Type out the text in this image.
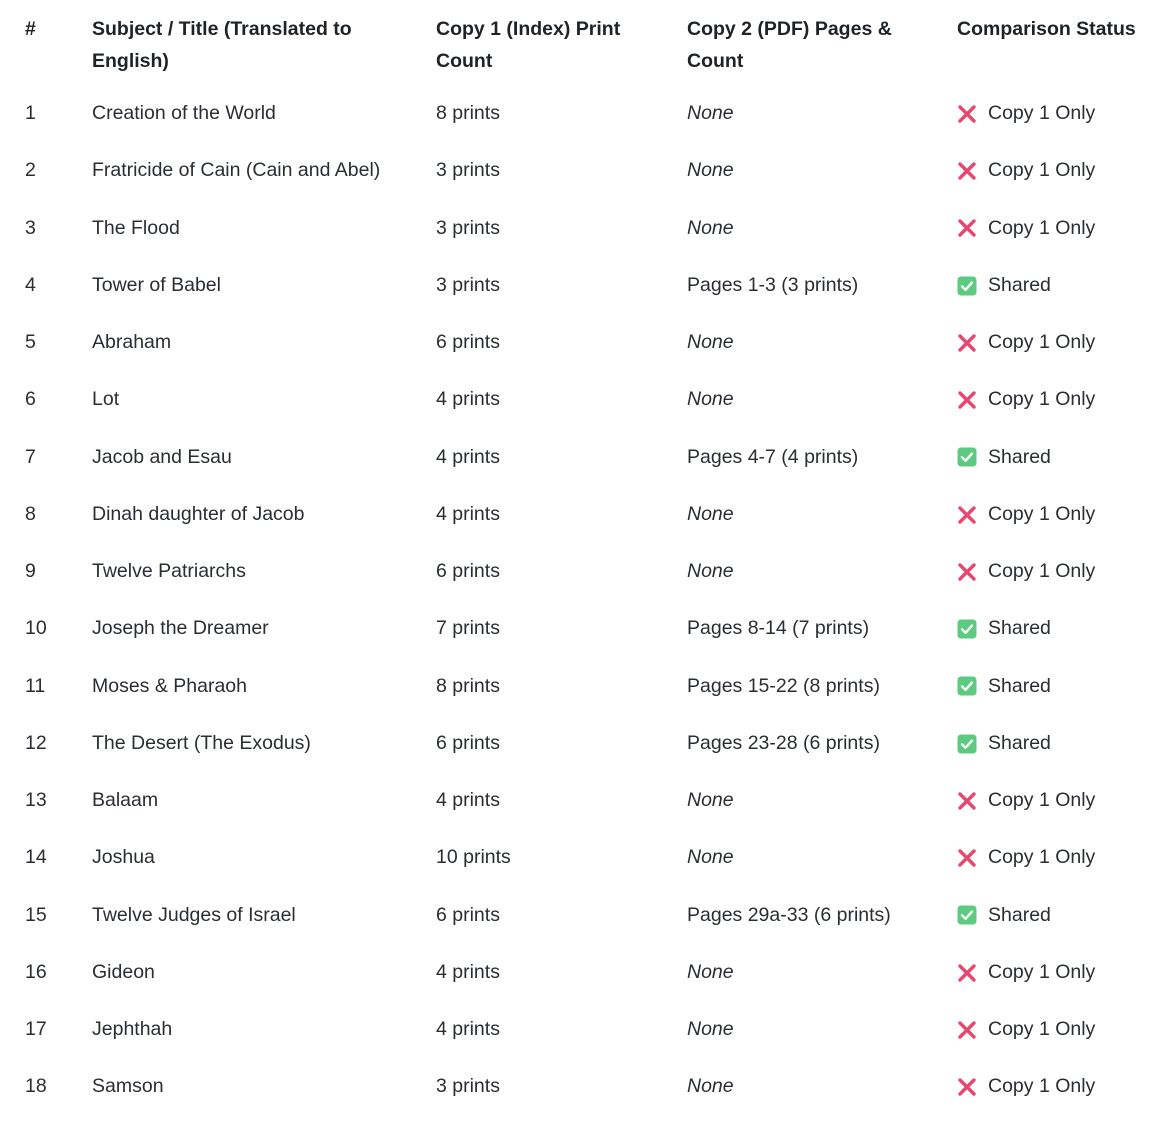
#	Subject / Title (Translated to English)	Copy 1 (Index) Print Count	Copy 2 (PDF) Pages & Count	Comparison Status
1	Creation of the World	8 prints	None	Copy 1 Only

2	Fratricide of Cain (Cain and Abel)	3 prints	None	Copy 1 Only

3	The Flood	3 prints	None	Copy 1 Only

4	Tower of Babel	3 prints	Pages 1-3 (3 prints)	Shared

5	Abraham	6 prints	None	Copy 1 Only

6	Lot	4 prints	None	Copy 1 Only

7	Jacob and Esau	4 prints	Pages 4-7 (4 prints)	Shared

8	Dinah daughter of Jacob	4 prints	None	Copy 1 Only

9	Twelve Patriarchs	6 prints	None	Copy 1 Only

10	Joseph the Dreamer	7 prints	Pages 8-14 (7 prints)	Shared

11	Moses & Pharaoh	8 prints	Pages 15-22 (8 prints)	Shared

12	The Desert (The Exodus)	6 prints	Pages 23-28 (6 prints)	Shared

13	Balaam	4 prints	None	Copy 1 Only

14	Joshua	10 prints	None	Copy 1 Only

15	Twelve Judges of Israel	6 prints	Pages 29a-33 (6 prints)	Shared

16	Gideon	4 prints	None	Copy 1 Only

17	Jephthah	4 prints	None	Copy 1 Only

18	Samson	3 prints	None	Copy 1 Only
